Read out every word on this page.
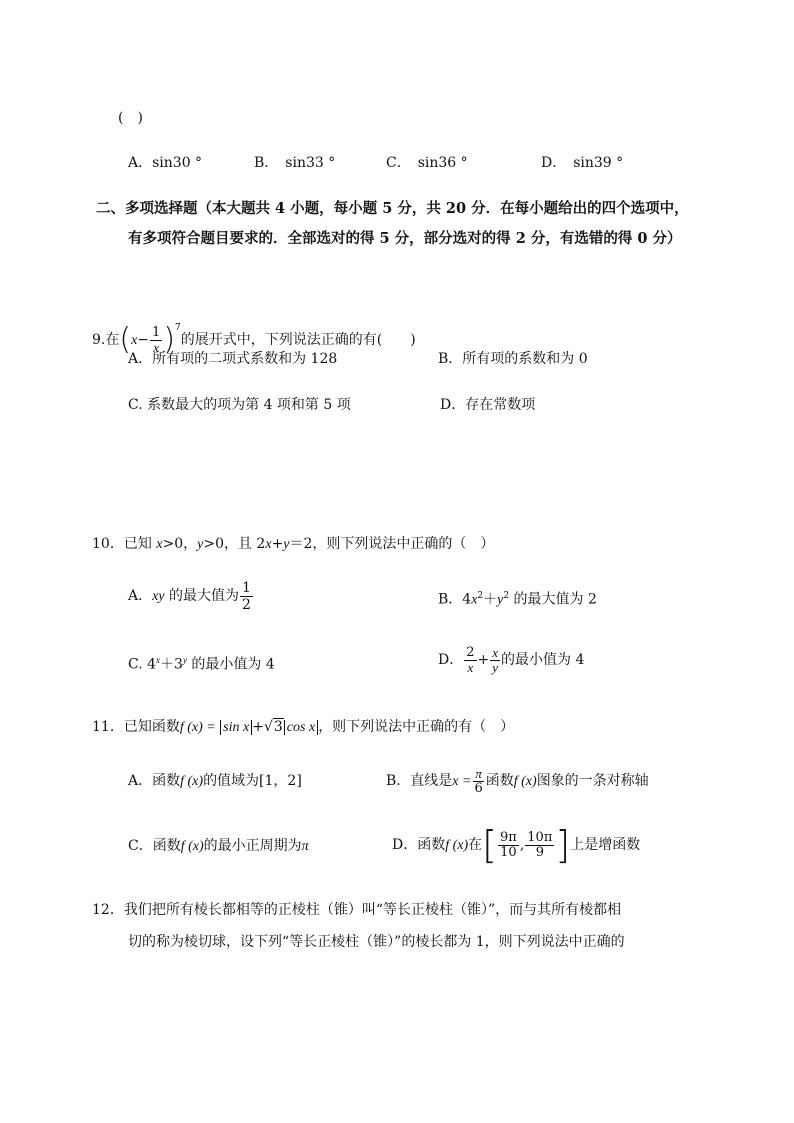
(　)
A．sin30 °	B．　sin33 °	C．　sin36 °	D．　sin39 °
二、多项选择题（本大题共 4 小题，每小题 5 分，共 20 分．在每小题给出的四个选项中，
有多项符合题目要求的．全部选对的得 5 分，部分选对的得 2 分，有选错的得 0 分）
9.在$(x- \frac{1}{x} )^7$的展开式中，下列说法正确的有(　　)
A．所有项的二项式系数和为 128	B．所有项的系数和为 0
C. 系数最大的项为第 4 项和第 5 项	D．存在常数项
10．已知 x>0，y>0，且 2x+y＝2，则下列说法中正确的（　）
A．xy 的最大值为 $\frac{1}{2}$	B．$4x^2+y^2$ 的最大值为 2
C. $4^x+3^y$ 的最小值为 4	D． $\frac{2}{x} + \frac{x}{y}$ 的最小值为 4
11．已知函数f (x) = sin x +√3 cos x ，则下列说法中正确的有（　）
A．函数f (x)的值域为[1，2]	B．直线是$x = \frac{\pi}{6}$ 函数f (x)图象的一条对称轴
C．函数f (x)的最小正周期为π	D．函数f (x)在[ $\frac{9\pi}{10}$ , $\frac{10\pi}{9}$ ]上是增函数
12．我们把所有棱长都相等的正棱柱（锥）叫“等长正棱柱（锥）”，而与其所有棱都相
切的称为棱切球，设下列“等长正棱柱（锥）”的棱长都为 1，则下列说法中正确的
